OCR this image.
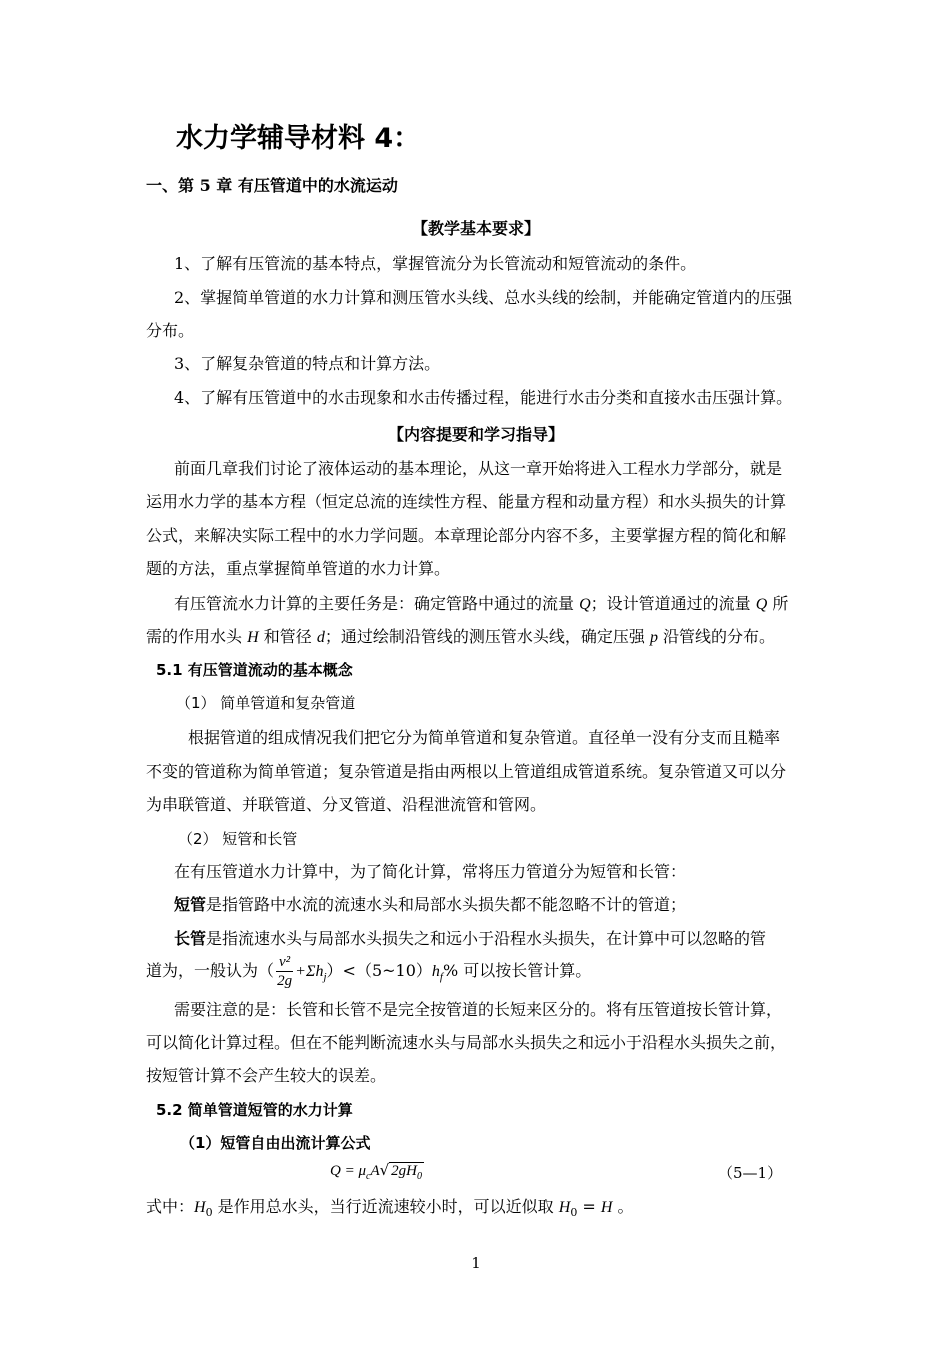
水力学辅导材料 4：
一、第 5 章 有压管道中的水流运动
【教学基本要求】
1、了解有压管流的基本特点，掌握管流分为长管流动和短管流动的条件。
2、掌握简单管道的水力计算和测压管水头线、总水头线的绘制，并能确定管道内的压强
分布。
3、了解复杂管道的特点和计算方法。
4、了解有压管道中的水击现象和水击传播过程，能进行水击分类和直接水击压强计算。
【内容提要和学习指导】
前面几章我们讨论了液体运动的基本理论，从这一章开始将进入工程水力学部分，就是
运用水力学的基本方程（恒定总流的连续性方程、能量方程和动量方程）和水头损失的计算
公式，来解决实际工程中的水力学问题。本章理论部分内容不多，主要掌握方程的简化和解
题的方法，重点掌握简单管道的水力计算。
有压管流水力计算的主要任务是：确定管路中通过的流量 Q；设计管道通过的流量 Q 所
需的作用水头 H 和管径 d；通过绘制沿管线的测压管水头线，确定压强 p 沿管线的分布。
5.1 有压管道流动的基本概念
（1） 简单管道和复杂管道
根据管道的组成情况我们把它分为简单管道和复杂管道。直径单一没有分支而且糙率
不变的管道称为简单管道；复杂管道是指由两根以上管道组成管道系统。复杂管道又可以分
为串联管道、并联管道、分叉管道、沿程泄流管和管网。
（2） 短管和长管
在有压管道水力计算中，为了简化计算，常将压力管道分为短管和长管：
短管是指管路中水流的流速水头和局部水头损失都不能忽略不计的管道；
长管是指流速水头与局部水头损失之和远小于沿程水头损失，在计算中可以忽略的管
道为，一般认为（ $\frac{\text{v²}}{2g}$ $+\Sigma h_j)<(5\sim 10)h_f\%$ 可以按长管计算。
需要注意的是：长管和长管不是完全按管道的长短来区分的。将有压管道按长管计算，
可以简化计算过程。但在不能判断流速水头与局部水头损失之和远小于沿程水头损失之前，
按短管计算不会产生较大的误差。
5.2 简单管道短管的水力计算
（1）短管自由出流计算公式
$Q = \mu_cA√$ $2gH_0$	（5—1）
式中：$H_0$ 是作用总水头，当行近流速较小时，可以近似取 $H_0 = H$ 。
1
